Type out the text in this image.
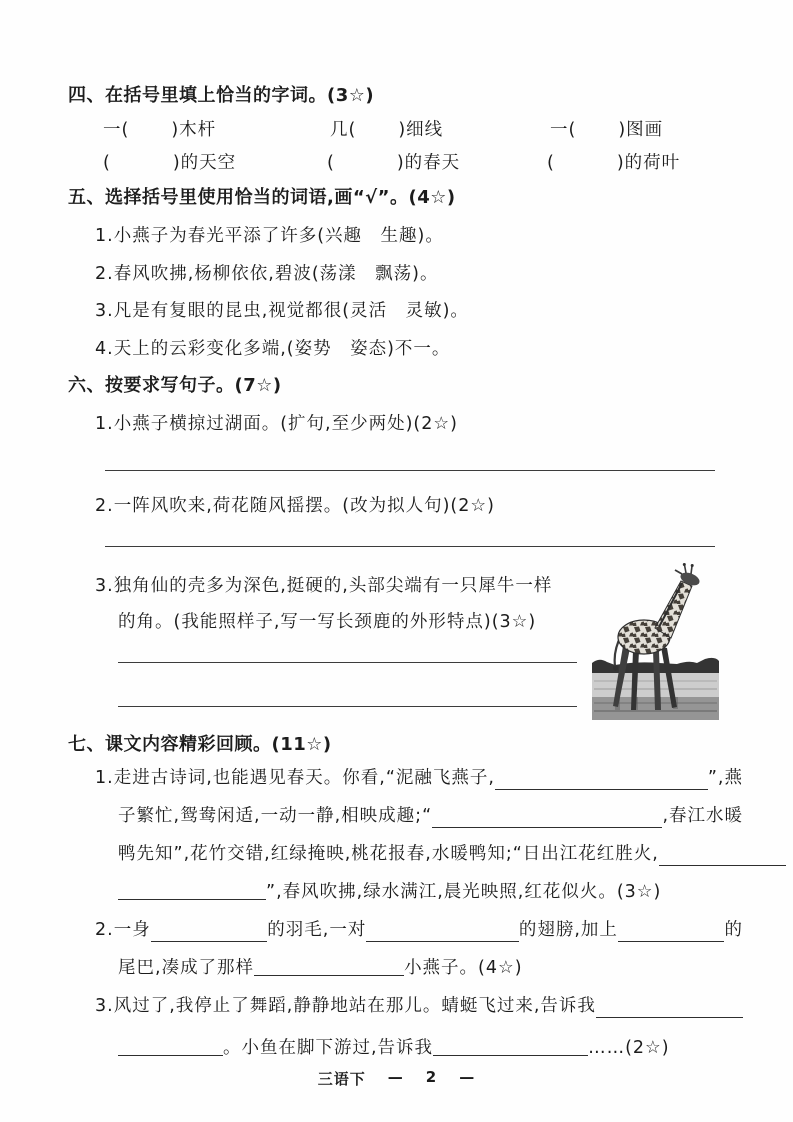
四、在括号里填上恰当的字词。(3☆)
一( )木杆	几( )细线	一( )图画
(	)的天空	(	)的春天	(	)的荷叶
五、选择括号里使用恰当的词语,画“√”。(4☆)
1.小燕子为春光平添了许多(兴趣　生趣)。
2.春风吹拂,杨柳依依,碧波(荡漾　飘荡)。
3.凡是有复眼的昆虫,视觉都很(灵活　灵敏)。
4.天上的云彩变化多端,(姿势　姿态)不一。
六、按要求写句子。(7☆)
1.小燕子横掠过湖面。(扩句,至少两处)(2☆)
2.一阵风吹来,荷花随风摇摆。(改为拟人句)(2☆)
3.独角仙的壳多为深色,挺硬的,头部尖端有一只犀牛一样
的角。(我能照样子,写一写长颈鹿的外形特点)(3☆)
七、课文内容精彩回顾。(11☆)
1.走进古诗词,也能遇见春天。你看,“泥融飞燕子,	”,燕
子繁忙,鸳鸯闲适,一动一静,相映成趣;“	,春江水暖
鸭先知”,花竹交错,红绿掩映,桃花报春,水暖鸭知;“日出江花红胜火,
”,春风吹拂,绿水满江,晨光映照,红花似火。(3☆)
2.一身	的羽毛,一对	的翅膀,加上	的
尾巴,凑成了那样	小燕子。(4☆)
3.风过了,我停止了舞蹈,静静地站在那儿。蜻蜓飞过来,告诉我
。小鱼在脚下游过,告诉我	……(2☆)
三语下 — 2 —
